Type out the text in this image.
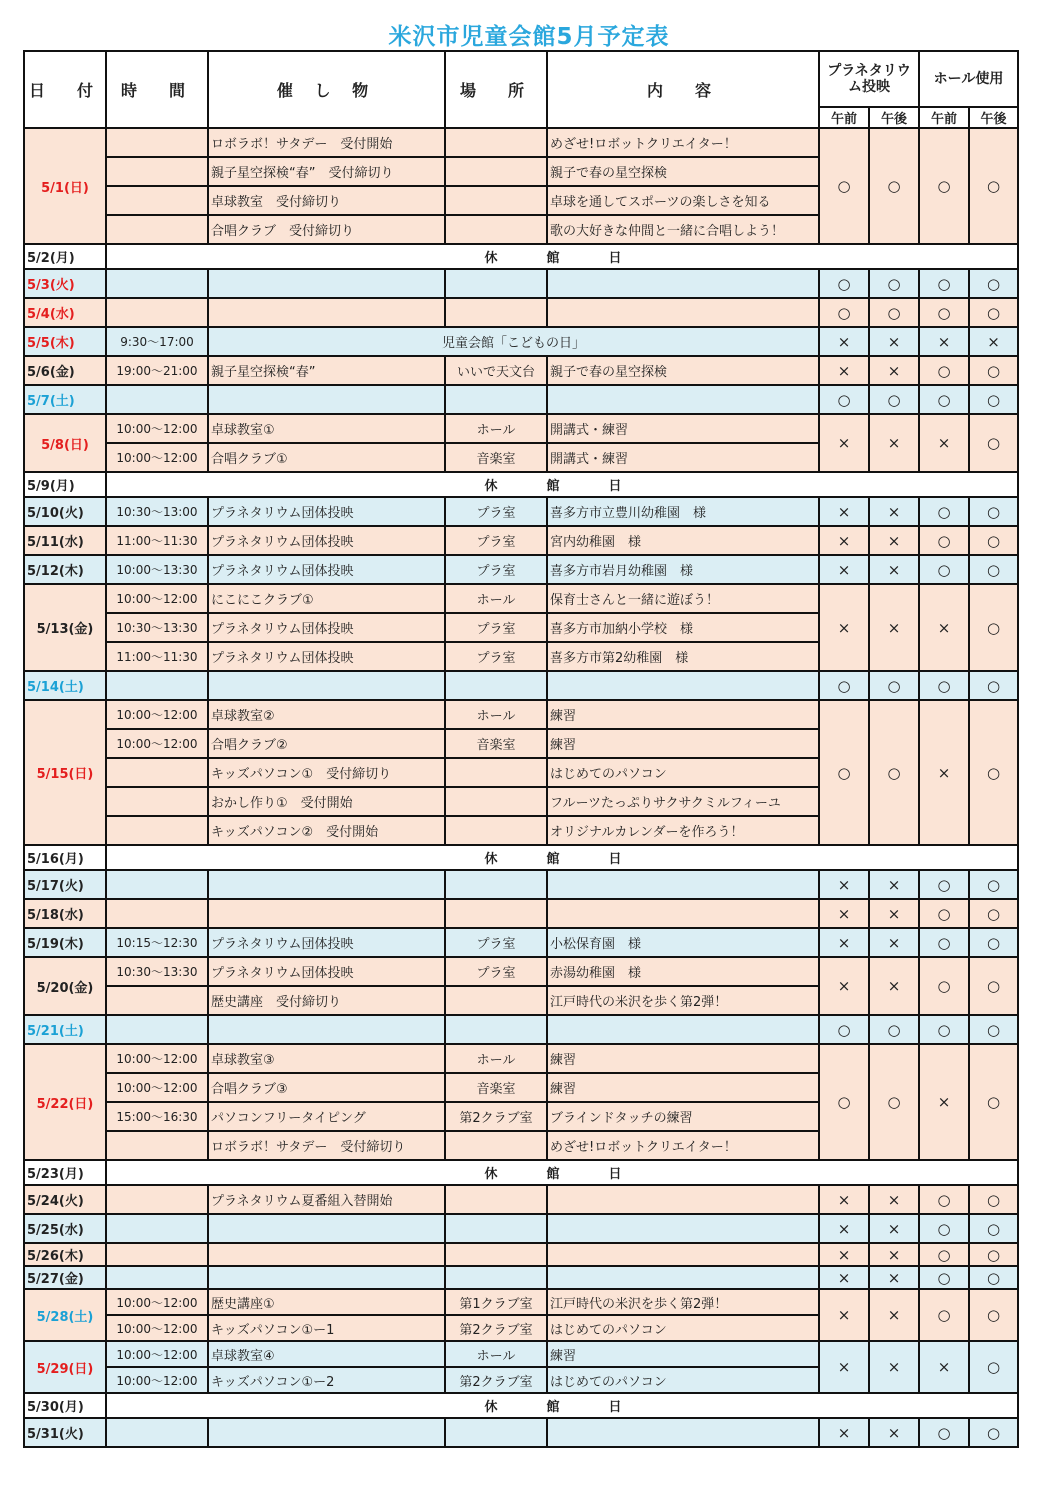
米沢市児童会館5月予定表
日　付	時　間	催 し 物	場　所	内　容	プラネタリウム投映		ホール使用	
					午前	午後	午前	午後
5/1(日)		ロボラボ！サタデー　受付開始		めざせ!ロボットクリエイター！	○	○	○	○
		親子星空探検“春”　受付締切り		親子で春の星空探検				
		卓球教室　受付締切り		卓球を通してスポーツの楽しさを知る				
		合唱クラブ　受付締切り		歌の大好きな仲間と一緒に合唱しよう！				
5/2(月)	休　館　日							
5/3(火)					○	○	○	○
5/4(水)					○	○	○	○
5/5(木)	9:30～17:00	児童会館「こどもの日」			×	×	×	×
5/6(金)	19:00～21:00	親子星空探検“春”	いいで天文台	親子で春の星空探検	×	×	○	○
5/7(土)					○	○	○	○
5/8(日)	10:00～12:00	卓球教室①	ホール	開講式・練習	×	×	×	○
	10:00～12:00	合唱クラブ①	音楽室	開講式・練習				
5/9(月)	休　館　日							
5/10(火)	10:30～13:00	プラネタリウム団体投映	プラ室	喜多方市立豊川幼稚園　様	×	×	○	○
5/11(水)	11:00～11:30	プラネタリウム団体投映	プラ室	宮内幼稚園　様	×	×	○	○
5/12(木)	10:00～13:30	プラネタリウム団体投映	プラ室	喜多方市岩月幼稚園　様	×	×	○	○
5/13(金)	10:00～12:00	にこにこクラブ①	ホール	保育士さんと一緒に遊ぼう！	×	×	×	○
	10:30～13:30	プラネタリウム団体投映	プラ室	喜多方市加納小学校　様				
	11:00～11:30	プラネタリウム団体投映	プラ室	喜多方市第2幼稚園　様				
5/14(土)					○	○	○	○
5/15(日)	10:00～12:00	卓球教室②	ホール	練習	○	○	×	○
	10:00～12:00	合唱クラブ②	音楽室	練習				
		キッズパソコン①　受付締切り		はじめてのパソコン				
		おかし作り①　受付開始		フルーツたっぷりサクサクミルフィーユ				
		キッズパソコン②　受付開始		オリジナルカレンダーを作ろう！				
5/16(月)	休　館　日							
5/17(火)					×	×	○	○
5/18(水)					×	×	○	○
5/19(木)	10:15～12:30	プラネタリウム団体投映	プラ室	小松保育園　様	×	×	○	○
5/20(金)	10:30～13:30	プラネタリウム団体投映	プラ室	赤湯幼稚園　様	×	×	○	○
		歴史講座　受付締切り		江戸時代の米沢を歩く第2弾！				
5/21(土)					○	○	○	○
5/22(日)	10:00～12:00	卓球教室③	ホール	練習	○	○	×	○
	10:00～12:00	合唱クラブ③	音楽室	練習				
	15:00～16:30	パソコンフリータイピング	第2クラブ室	ブラインドタッチの練習				
		ロボラボ！サタデー　受付締切り		めざせ!ロボットクリエイター！				
5/23(月)	休　館　日							
5/24(火)		プラネタリウム夏番組入替開始			×	×	○	○
5/25(水)					×	×	○	○
5/26(木)					×	×	○	○
5/27(金)					×	×	○	○
5/28(土)	10:00～12:00	歴史講座①	第1クラブ室	江戸時代の米沢を歩く第2弾！	×	×	○	○
	10:00～12:00	キッズパソコン①ー1	第2クラブ室	はじめてのパソコン				
5/29(日)	10:00～12:00	卓球教室④	ホール	練習	×	×	×	○
	10:00～12:00	キッズパソコン①ー2	第2クラブ室	はじめてのパソコン				
5/30(月)	休　館　日							
5/31(火)					×	×	○	○
